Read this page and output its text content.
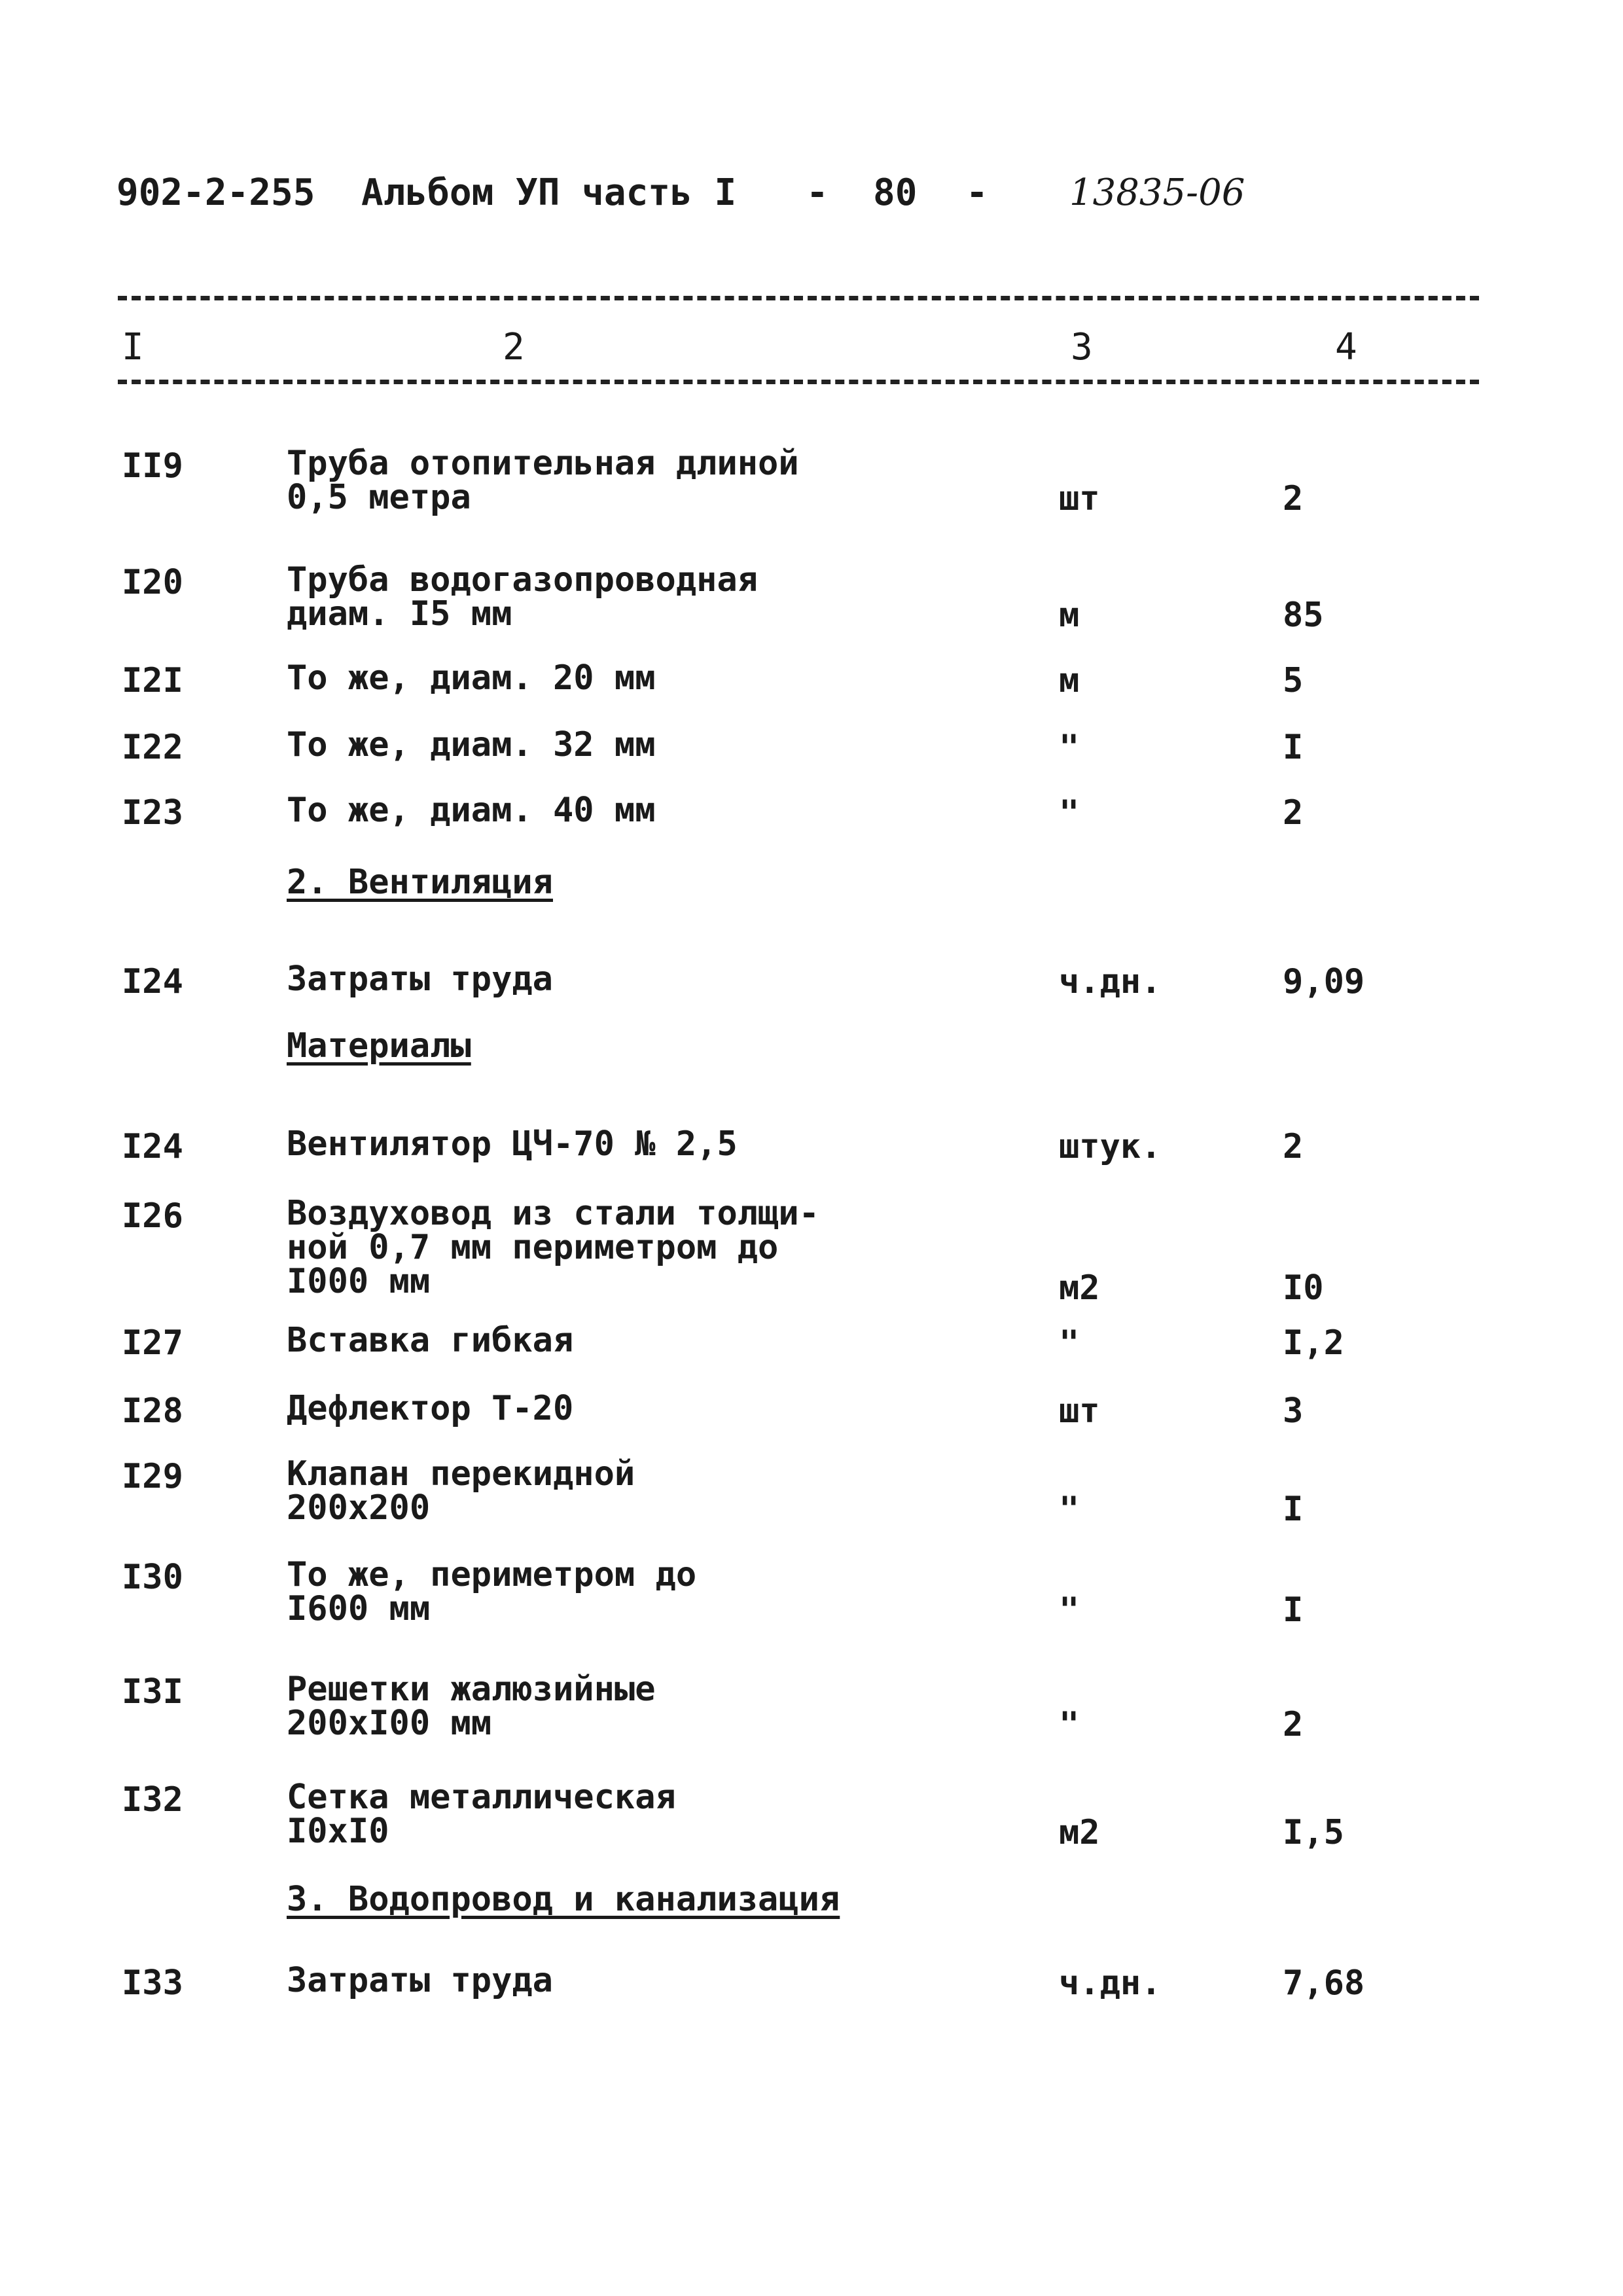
902-2-255 Альбом УП часть I - 80 - 13835-06
I	2	3	4
II9	Труба отопительная длиной
0,5 метра	шт	2
I20	Труба водогазопроводная
диам. I5 мм	м	85
I2I	То же, диам. 20 мм	м	5
I22	То же, диам. 32 мм	"	I
I23	То же, диам. 40 мм	"	2
2. Вентиляция
I24	Затраты труда	ч.дн.	9,09
Материалы
I24	Вентилятор ЦЧ-70 № 2,5	штук.	2
I26	Воздуховод из стали толщи-
ной 0,7 мм периметром до
I000 мм	м2	I0
I27	Вставка гибкая	"	I,2
I28	Дефлектор Т-20	шт	3
I29	Клапан перекидной
200х200	"	I
I30	То же, периметром до
I600 мм	"	I
I3I	Решетки жалюзийные
200хI00 мм	"	2
I32	Сетка металлическая
I0хI0	м2	I,5
3. Водопровод и канализация
I33	Затраты труда	ч.дн.	7,68
